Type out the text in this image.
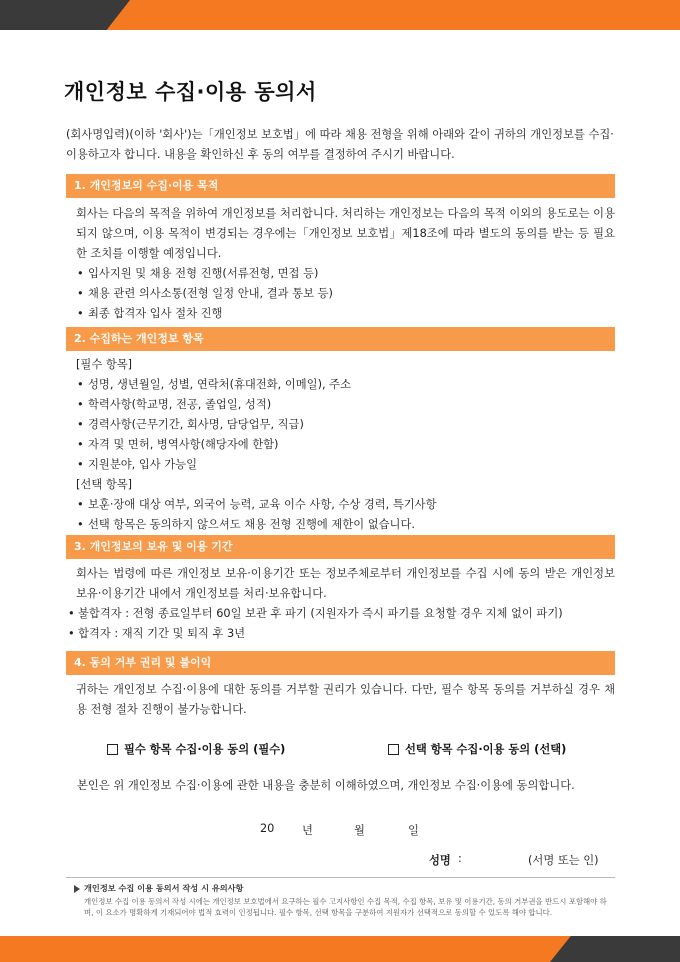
개인정보 수집·이용 동의서

(회사명입력)(이하 '회사')는「개인정보 보호법」에 따라 채용 전형을 위해 아래와 같이 귀하의 개인정보를 수집·이용하고자 합니다. 내용을 확인하신 후 동의 여부를 결정하여 주시기 바랍니다.

1. 개인정보의 수집·이용 목적

회사는 다음의 목적을 위하여 개인정보를 처리합니다. 처리하는 개인정보는 다음의 목적 이외의 용도로는 이용되지 않으며, 이용 목적이 변경되는 경우에는「개인정보 보호법」제18조에 따라 별도의 동의를 받는 등 필요한 조치를 이행할 예정입니다.

• 입사지원 및 채용 전형 진행(서류전형, 면접 등)
• 채용 관련 의사소통(전형 일정 안내, 결과 통보 등)
• 최종 합격자 입사 절차 진행
2. 수집하는 개인정보 항목

[필수 항목]

• 성명, 생년월일, 성별, 연락처(휴대전화, 이메일), 주소
• 학력사항(학교명, 전공, 졸업일, 성적)
• 경력사항(근무기간, 회사명, 담당업무, 직급)
• 자격 및 면허, 병역사항(해당자에 한함)
• 지원분야, 입사 가능일

[선택 항목]

• 보훈·장애 대상 여부, 외국어 능력, 교육 이수 사항, 수상 경력, 특기사항
• 선택 항목은 동의하지 않으셔도 채용 전형 진행에 제한이 없습니다.
3. 개인정보의 보유 및 이용 기간

회사는 법령에 따른 개인정보 보유·이용기간 또는 정보주체로부터 개인정보를 수집 시에 동의 받은 개인정보 보유·이용기간 내에서 개인정보를 처리·보유합니다.

• 불합격자 : 전형 종료일부터 60일 보관 후 파기 (지원자가 즉시 파기를 요청할 경우 지체 없이 파기)
• 합격자 : 재직 기간 및 퇴직 후 3년
4. 동의 거부 권리 및 불이익

귀하는 개인정보 수집·이용에 대한 동의를 거부할 권리가 있습니다. 다만, 필수 항목 동의를 거부하실 경우 채용 전형 절차 진행이 불가능합니다.

필수 항목 수집·이용 동의 (필수)	선택 항목 수집·이용 동의 (선택)

본인은 위 개인정보 수집·이용에 관한 내용을 충분히 이해하였으며, 개인정보 수집·이용에 동의합니다.

20 년	월	일
성명 :	(서명 또는 인)
개인정보 수집 이용 동의서 작성 시 유의사항

개인정보 수집 이용 동의서 작성 시에는 개인정보 보호법에서 요구하는 필수 고지사항인 수집 목적, 수집 항목, 보유 및 이용기간, 동의 거부권을 반드시 포함해야 하며, 이 요소가 명확하게 기재되어야 법적 효력이 인정됩니다. 필수 항목, 선택 항목을 구분하여 지원자가 선택적으로 동의할 수 있도록 해야 합니다.
